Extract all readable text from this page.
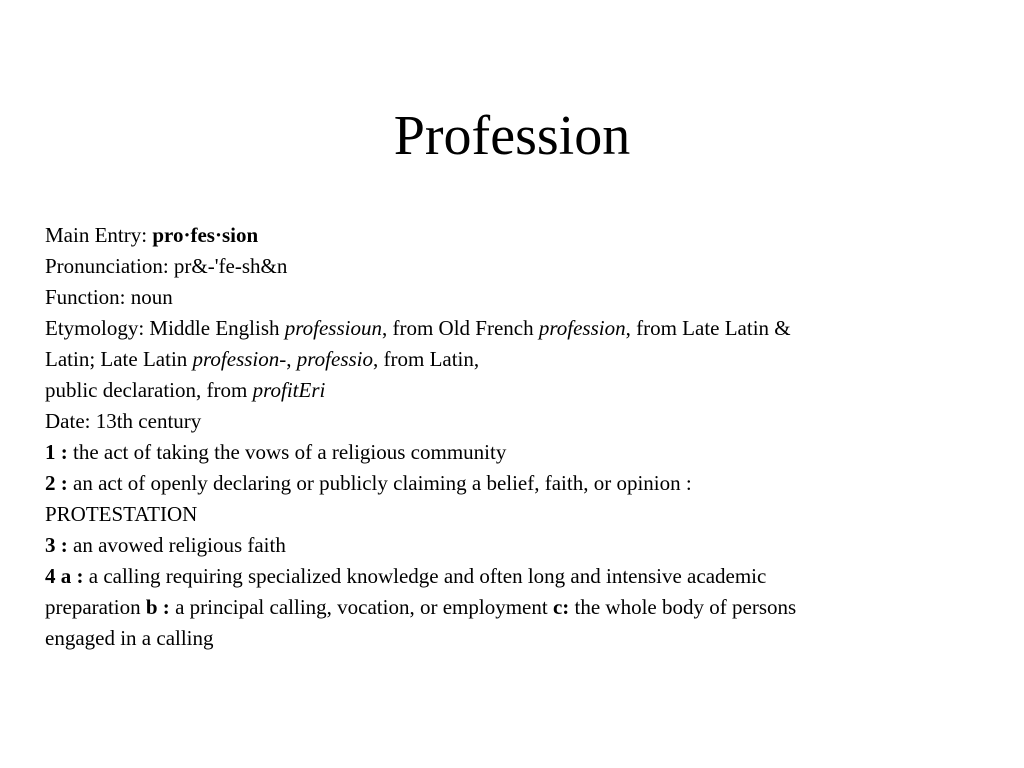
Profession
Main Entry: pro·fes·sion
Pronunciation: pr&-'fe-sh&n
Function: noun
Etymology: Middle English professioun, from Old French profession, from Late Latin &
Latin; Late Latin profession-, professio, from Latin,
public declaration, from profitEri
Date: 13th century
1 : the act of taking the vows of a religious community
2 : an act of openly declaring or publicly claiming a belief, faith, or opinion :
PROTESTATION
3 : an avowed religious faith
4 a : a calling requiring specialized knowledge and often long and intensive academic
preparation b : a principal calling, vocation, or employment c: the whole body of persons
engaged in a calling
